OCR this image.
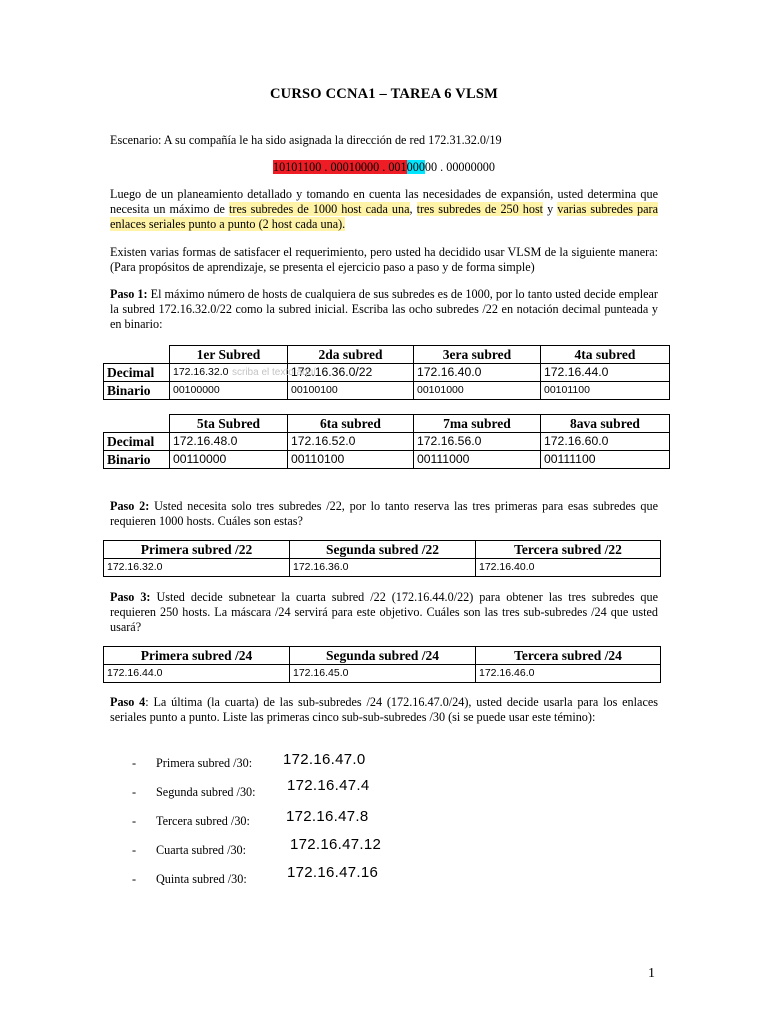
CURSO CCNA1 – TAREA 6 VLSM
Escenario: A su compañía le ha sido asignada la dirección de red 172.31.32.0/19
10101100 . 00010000 . 00100000 . 00000000
Luego de un planeamiento detallado y tomando en cuenta las necesidades de expansión, usted determina que necesita un máximo de tres subredes de 1000 host cada una, tres subredes de 250 host y varias subredes para enlaces seriales punto a punto (2 host cada una).
Existen varias formas de satisfacer el requerimiento, pero usted ha decidido usar VLSM de la siguiente manera: (Para propósitos de aprendizaje, se presenta el ejercicio paso a paso y de forma simple)
Paso 1: El máximo número de hosts de cualquiera de sus subredes es de 1000, por lo tanto usted decide emplear la subred 172.16.32.0/22 como la subred inicial. Escriba las ocho subredes /22 en notación decimal punteada y en binario:
	1er Subred	2da subred	3era subred	4ta subred
Decimal	172.16.32.0 scriba el texto aquí	172.16.36.0/22	172.16.40.0	172.16.44.0
Binario	00100000	00100100	00101000	00101100
	5ta Subred	6ta subred	7ma subred	8ava subred
Decimal	172.16.48.0	172.16.52.0	172.16.56.0	172.16.60.0
Binario	00110000	00110100	00111000	00111100
Paso 2: Usted necesita solo tres subredes /22, por lo tanto reserva las tres primeras para esas subredes que requieren 1000 hosts. Cuáles son estas?
Primera subred /22	Segunda subred /22	Tercera subred /22
172.16.32.0	172.16.36.0	172.16.40.0
Paso 3: Usted decide subnetear la cuarta subred /22 (172.16.44.0/22) para obtener las tres subredes que requieren 250 hosts. La máscara /24 servirá para este objetivo. Cuáles son las tres sub-subredes /24 que usted usará?
Primera subred /24	Segunda subred /24	Tercera subred /24
172.16.44.0	172.16.45.0	172.16.46.0
Paso 4: La última (la cuarta) de las sub-subredes /24 (172.16.47.0/24), usted decide usarla para los enlaces seriales punto a punto. Liste las primeras cinco sub-sub-subredes /30 (si se puede usar este témino):
- Primera subred /30: 172.16.47.0
- Segunda subred /30: 172.16.47.4
- Tercera subred /30: 172.16.47.8
- Cuarta subred /30:	172.16.47.12
- Quinta subred /30:	172.16.47.16
1
